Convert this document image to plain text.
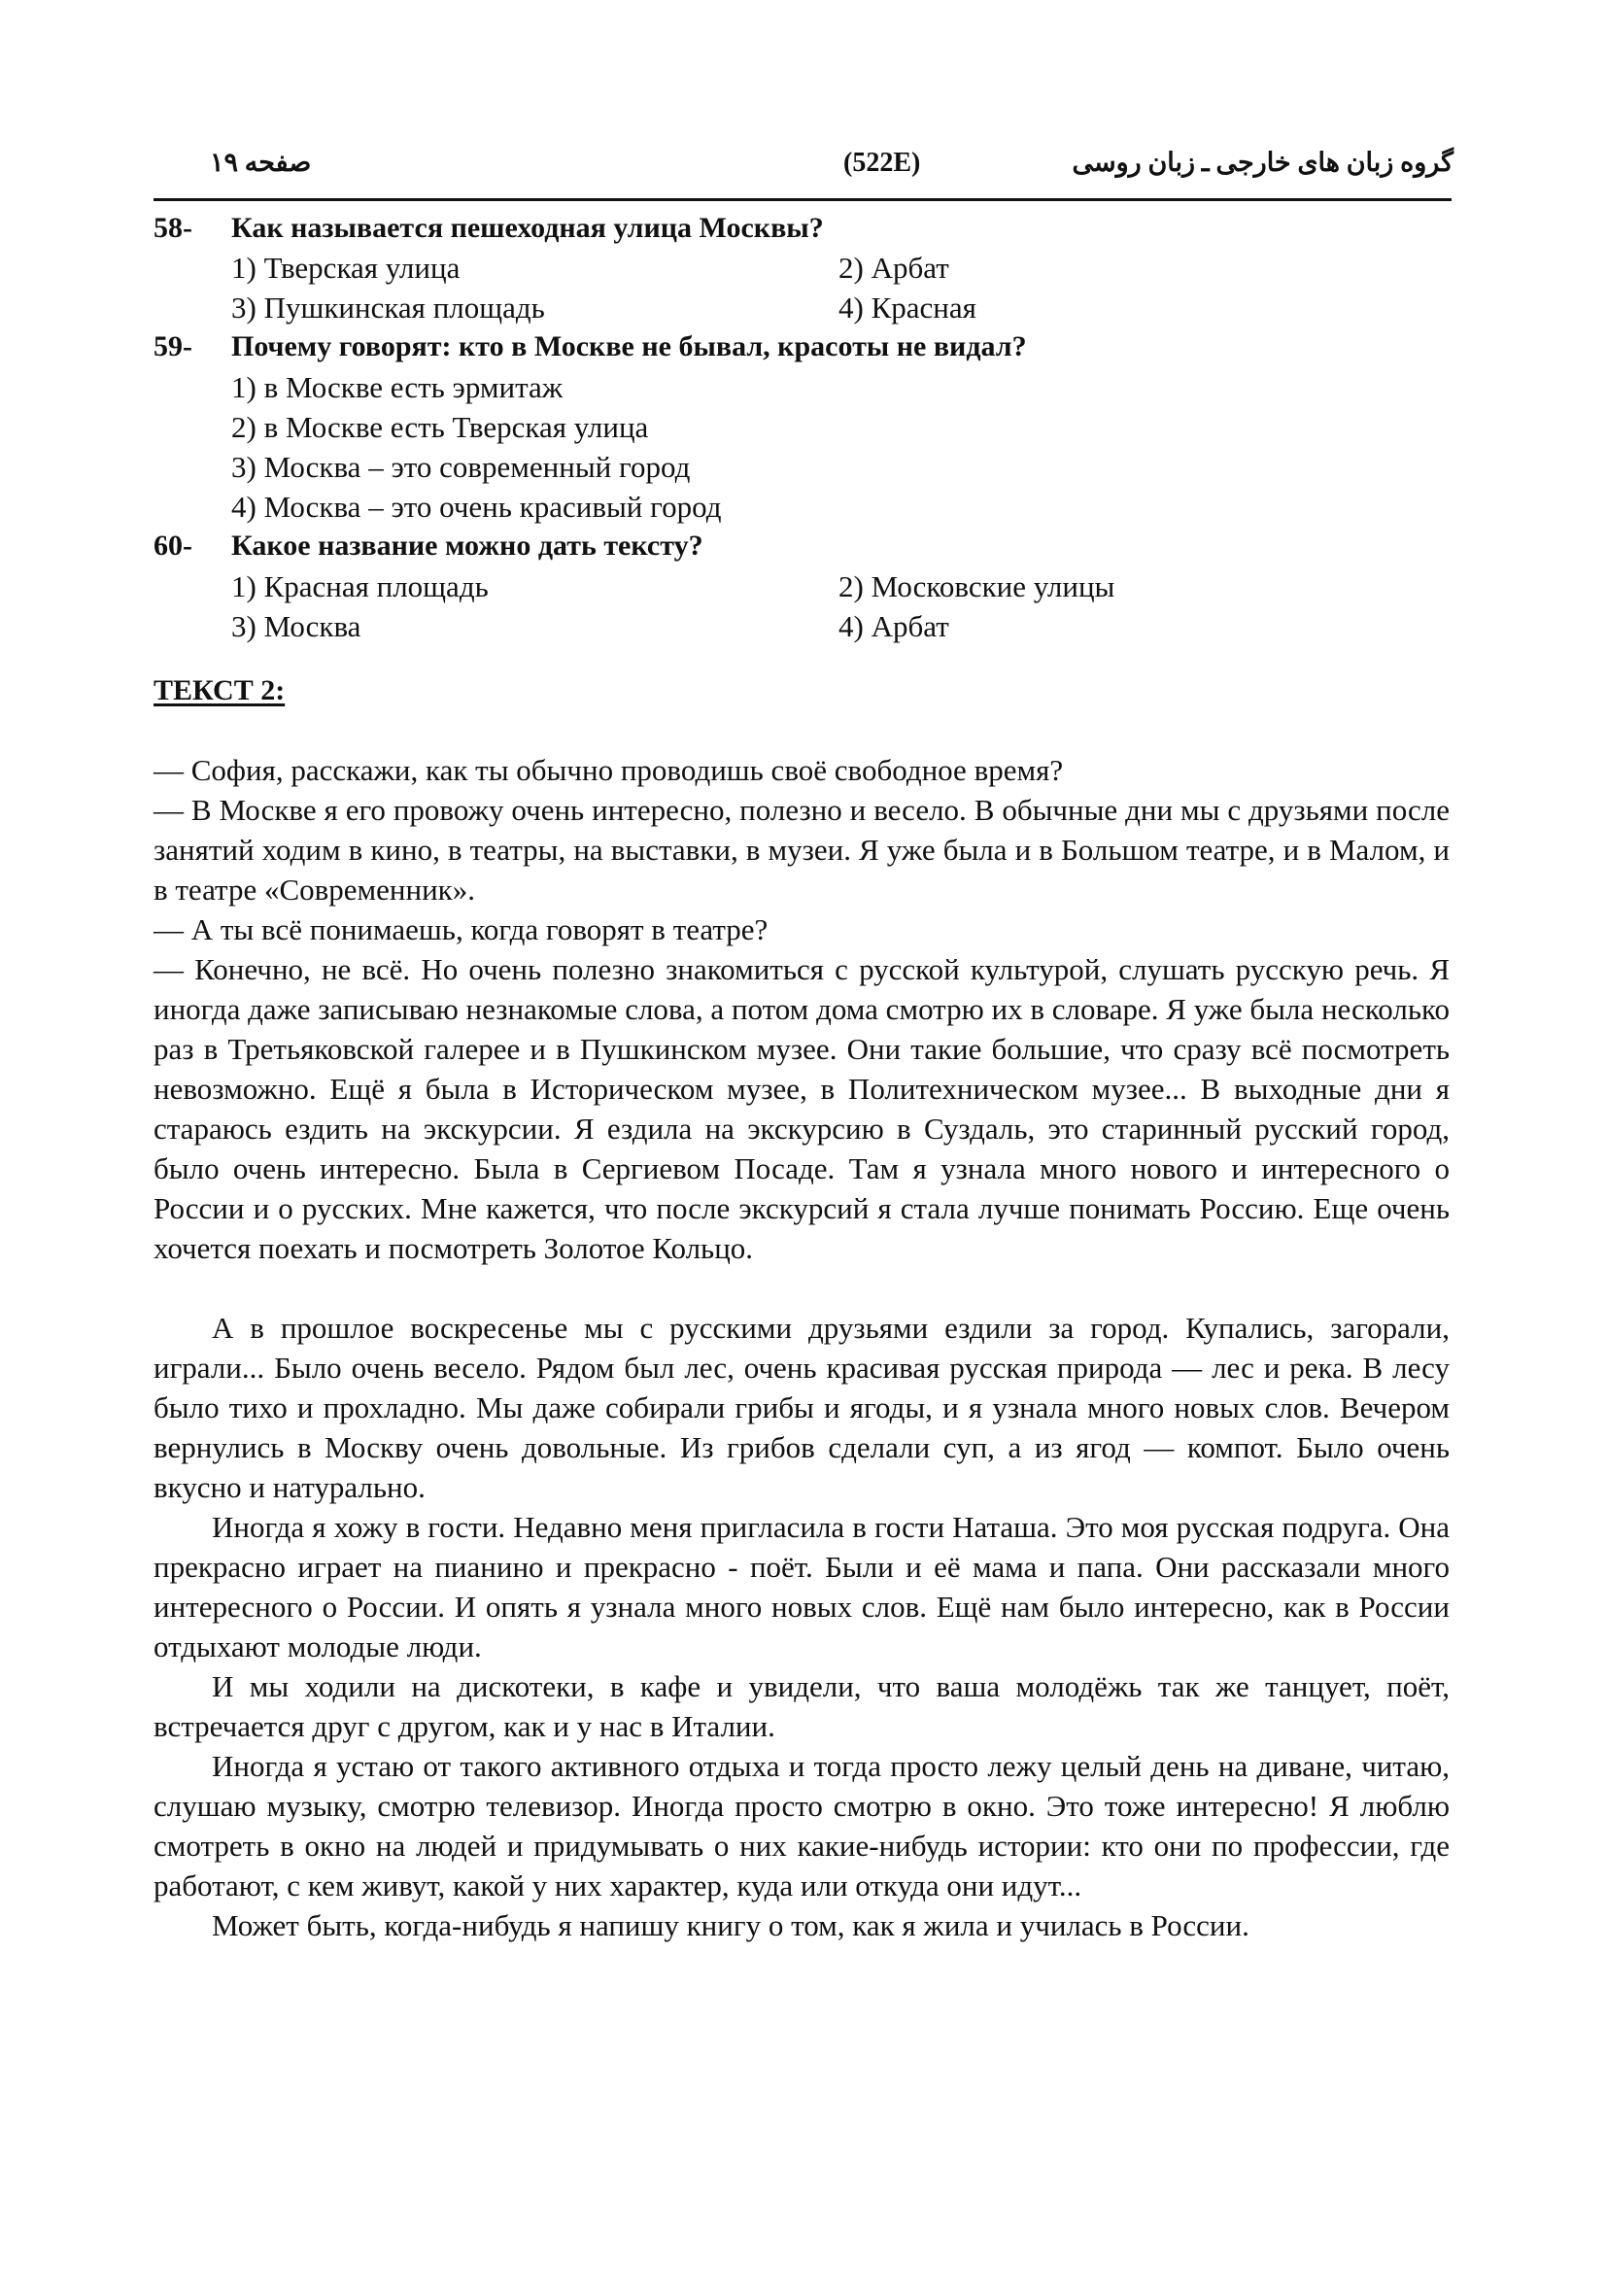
صفحه ۱۹	(522E)	گروه زبان های خارجی ـ زبان روسی
58- Как называется пешеходная улица Москвы?
1) Тверская улица	2) Арбат
3) Пушкинская площадь	4) Красная
59- Почему говорят: кто в Москве не бывал, красоты не видал?
1) в Москве есть эрмитаж
2) в Москве есть Тверская улица
3) Москва – это современный город
4) Москва – это очень красивый город
60- Какое название можно дать тексту?
1) Красная площадь	2) Московские улицы
3) Москва	4) Арбат
ТЕКСТ 2:

— София, расскажи, как ты обычно проводишь своё свободное время?

— В Москве я его провожу очень интересно, полезно и весело. В обычные дни мы с друзьями после занятий ходим в кино, в театры, на выставки, в музеи. Я уже была и в Большом театре, и в Малом, и в театре «Современник».

— А ты всё понимаешь, когда говорят в театре?

— Конечно, не всё. Но очень полезно знакомиться с русской культурой, слушать русскую речь. Я иногда даже записываю незнакомые слова, а потом дома смотрю их в словаре. Я уже была несколько раз в Третьяковской галерее и в Пушкинском музее. Они такие большие, что сразу всё посмотреть невозможно. Ещё я была в Историческом музее, в Политехническом музее... В выходные дни я стараюсь ездить на экскурсии. Я ездила на экскурсию в Суздаль, это старинный русский город, было очень интересно. Была в Сергиевом Посаде. Там я узнала много нового и интересного о России и о русских. Мне кажется, что после экскурсий я стала лучше понимать Россию. Еще очень хочется поехать и посмотреть Золотое Кольцо.

А в прошлое воскресенье мы с русскими друзьями ездили за город. Купались, загорали, играли... Было очень весело. Рядом был лес, очень красивая русская природа — лес и река. В лесу было тихо и прохладно. Мы даже собирали грибы и ягоды, и я узнала много новых слов. Вечером вернулись в Москву очень довольные. Из грибов сделали суп, а из ягод — компот. Было очень вкусно и натурально.

Иногда я хожу в гости. Недавно меня пригласила в гости Наташа. Это моя русская подруга. Она прекрасно играет на пианино и прекрасно - поёт. Были и её мама и папа. Они рассказали много интересного о России. И опять я узнала много новых слов. Ещё нам было интересно, как в России отдыхают молодые люди.

И мы ходили на дискотеки, в кафе и увидели, что ваша молодёжь так же танцует, поёт, встречается друг с другом, как и у нас в Италии.

Иногда я устаю от такого активного отдыха и тогда просто лежу целый день на диване, читаю, слушаю музыку, смотрю телевизор. Иногда просто смотрю в окно. Это тоже интересно! Я люблю смотреть в окно на людей и придумывать о них какие-нибудь истории: кто они по профессии, где работают, с кем живут, какой у них характер, куда или откуда они идут...

Может быть, когда-нибудь я напишу книгу о том, как я жила и училась в России.
